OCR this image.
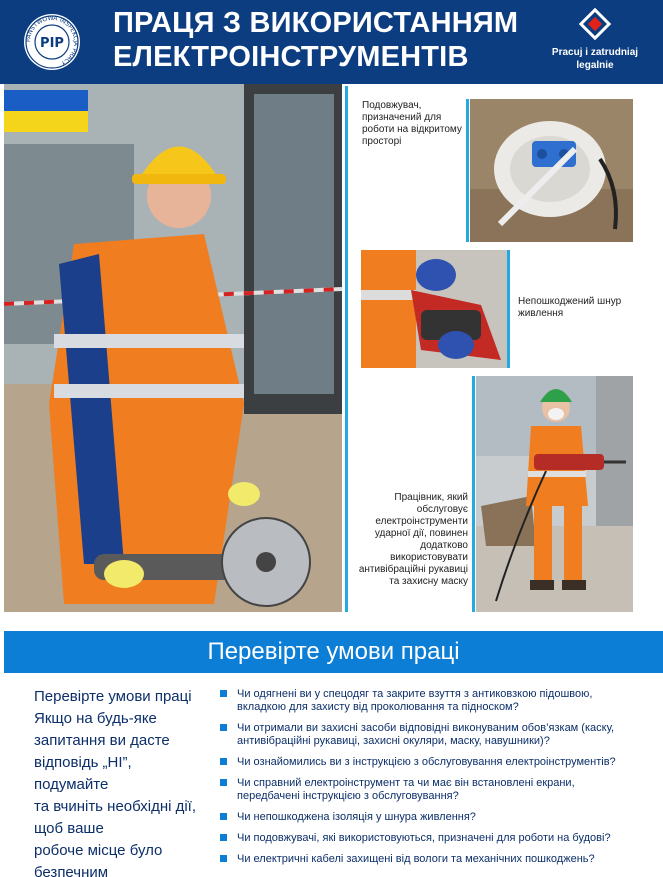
PAŃSTWOWA INSPEKCJA PRACY
PIP
ПРАЦЯ З ВИКОРИСТАННЯМ
ЕЛЕКТРОІНСТРУМЕНТІВ	Pracuj i zatrudniaj
legalnie
Подовжувач, призначений для роботи на відкритому просторі
Непошкоджений шнур живлення
Працівник, який обслуговує електроінструменти ударної дії, повинен додатково використовувати антивібраційні рукавиці та захисну маску
Перевірте умови праці
Перевірте умови праці
Якщо на будь-яке
запитання ви дасте
відповідь „НІ”,
подумайте
та вчиніть необхідні дії,
щоб ваше
робоче місце було
безпечним
Чи одягнені ви у спецодяг та закрите взуття з антиковзкою підошвою, вкладкою для захисту від проколювання та підноском?
Чи отримали ви захисні засоби відповідні виконуваним обов’язкам (каску, антивібраційні рукавиці, захисні окуляри, маску, навушники)?
Чи ознайомились ви з інструкцією з обслуговування електроінструментів?
Чи справний електроінструмент та чи має він встановлені екрани, передбачені інструкцією з обслуговування?
Чи непошкоджена ізоляція у шнура живлення?
Чи подовжувачі, які використовуються, призначені для роботи на будові?
Чи електричні кабелі захищені від вологи та механічних пошкоджень?
